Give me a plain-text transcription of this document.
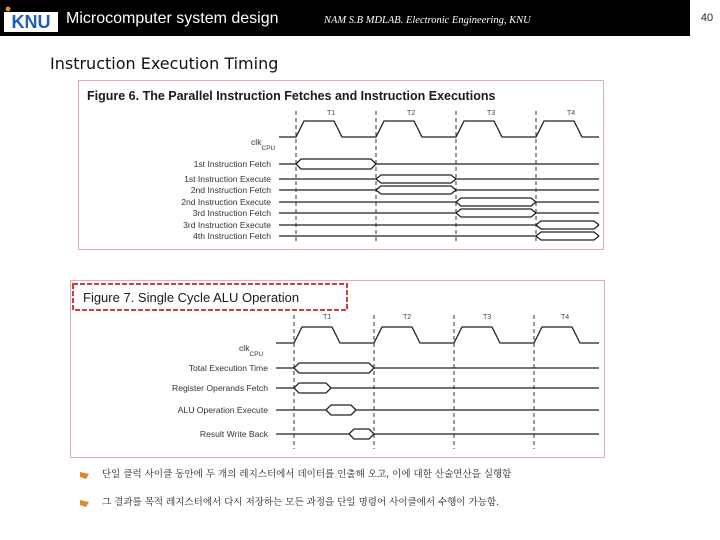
KNU Microcomputer system design	NAM S.B MDLAB. Electronic Engineering, KNU	40
Instruction Execution Timing
Figure 6. The Parallel Instruction Fetches and Instruction Executions
T1	T2	T3	T4
clk$_{CPU}$
1st Instruction Fetch
1st Instruction Execute
2nd Instruction Fetch
2nd Instruction Execute
3rd Instruction Fetch
3rd Instruction Execute
4th Instruction Fetch
Figure 7. Single Cycle ALU Operation
T1	T2	T3	T4
clk$_{CPU}$
Total Execution Time
Register Operands Fetch
ALU Operation Execute
Result Write Back
단일 클럭 사이클 동안에 두 개의 레지스터에서 데이터를 인출해 오고, 이에 대한 산술연산을 실행함
그 결과를 목적 레지스터에서 다시 저장하는 모든 과정을 단일 명령어 사이클에서 수행이 가능함.
